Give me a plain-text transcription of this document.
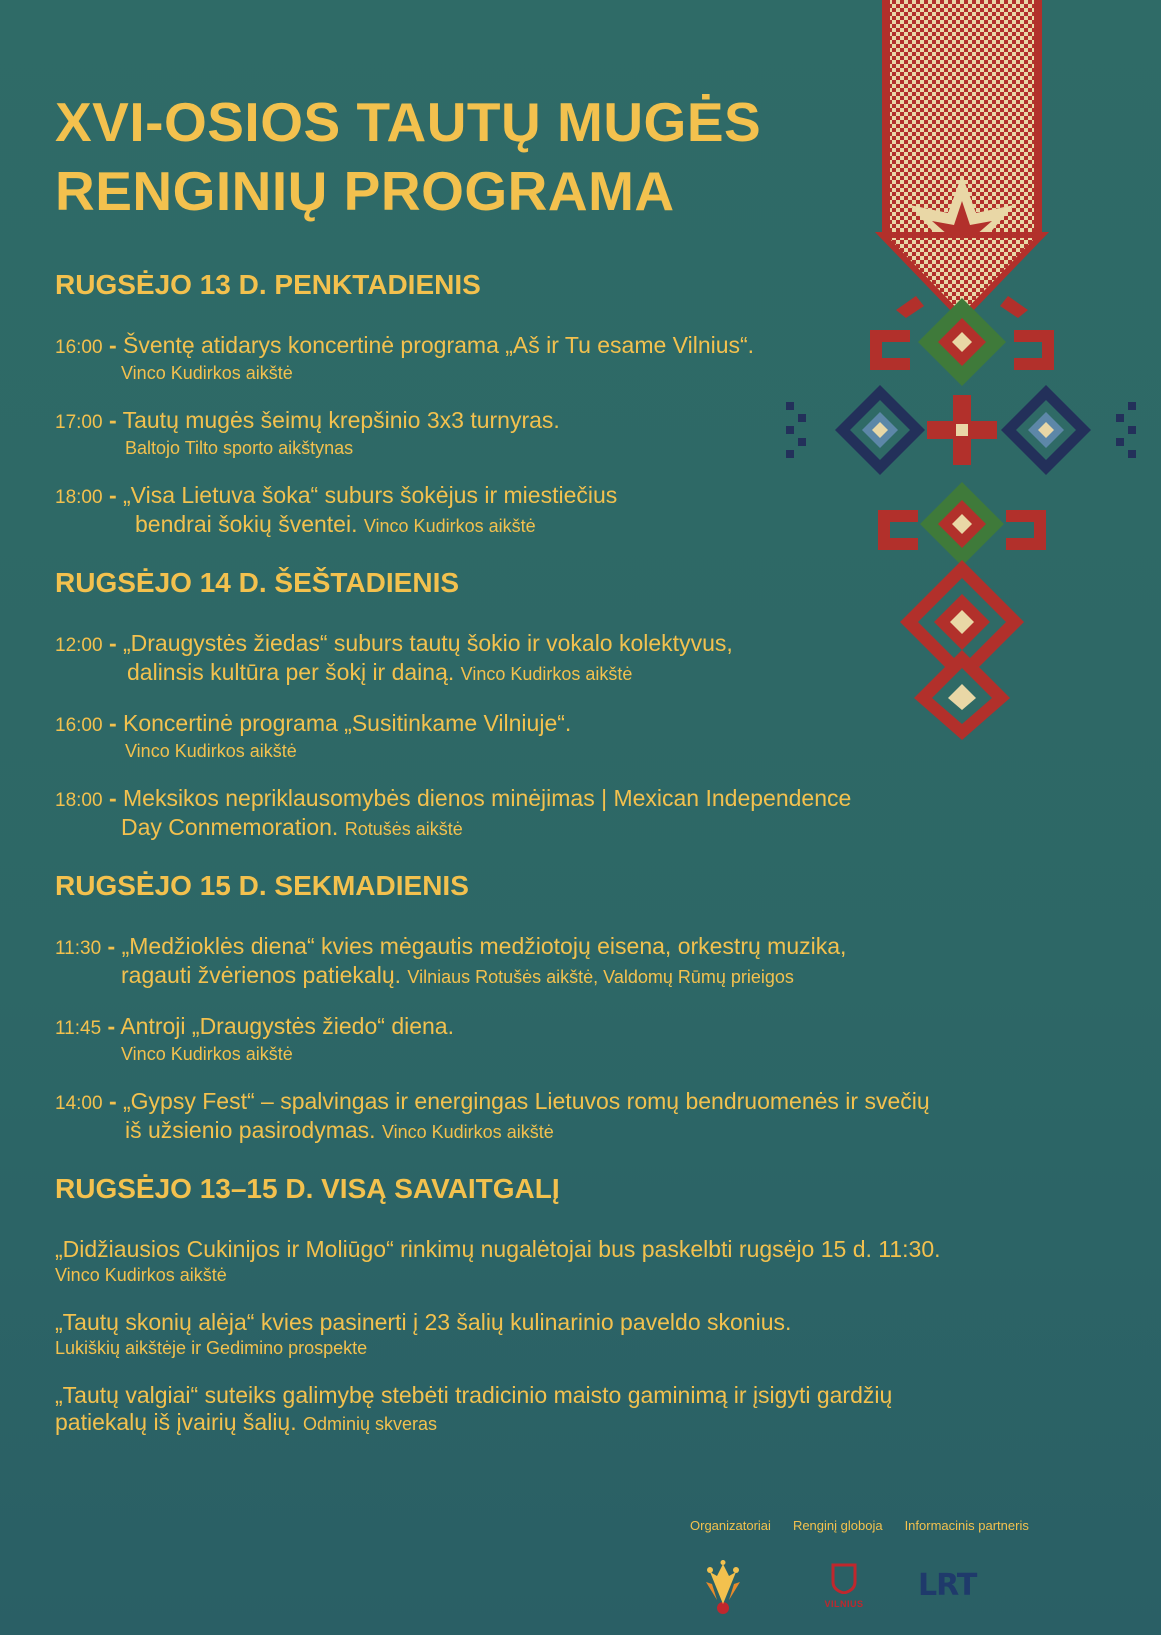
XVI-OSIOS TAUTŲ MUGĖS
RENGINIŲ PROGRAMA
RUGSĖJO 13 D. PENKTADIENIS
16:00 - Šventę atidarys koncertinė programa „Aš ir Tu esame Vilnius“.
Vinco Kudirkos aikštė
17:00 - Tautų mugės šeimų krepšinio 3x3 turnyras.
Baltojo Tilto sporto aikštynas
18:00 - „Visa Lietuva šoka“ suburs šokėjus ir miestiečius
bendrai šokių šventei. Vinco Kudirkos aikštė
RUGSĖJO 14 D. ŠEŠTADIENIS
12:00 - „Draugystės žiedas“ suburs tautų šokio ir vokalo kolektyvus,
dalinsis kultūra per šokį ir dainą. Vinco Kudirkos aikštė
16:00 - Koncertinė programa „Susitinkame Vilniuje“.
Vinco Kudirkos aikštė
18:00 - Meksikos nepriklausomybės dienos minėjimas | Mexican Independence
Day Conmemoration. Rotušės aikštė
RUGSĖJO 15 D. SEKMADIENIS
11:30 - „Medžioklės diena“ kvies mėgautis medžiotojų eisena, orkestrų muzika,
ragauti žvėrienos patiekalų. Vilniaus Rotušės aikštė, Valdomų Rūmų prieigos
11:45 - Antroji „Draugystės žiedo“ diena.
Vinco Kudirkos aikštė
14:00 - „Gypsy Fest“ – spalvingas ir energingas Lietuvos romų bendruomenės ir svečių
iš užsienio pasirodymas. Vinco Kudirkos aikštė
RUGSĖJO 13–15 D. VISĄ SAVAITGALĮ
„Didžiausios Cukinijos ir Moliūgo“ rinkimų nugalėtojai bus paskelbti rugsėjo 15 d. 11:30.
Vinco Kudirkos aikštė
„Tautų skonių alėja“ kvies pasinerti į 23 šalių kulinarinio paveldo skonius.
Lukiškių aikštėje ir Gedimino prospekte
„Tautų valgiai“ suteiks galimybę stebėti tradicinio maisto gaminimą ir įsigyti gardžių
patiekalų iš įvairių šalių. Odminių skveras
Organizatoriai Renginį globoja Informacinis partneris
VILNIUS
LRT
